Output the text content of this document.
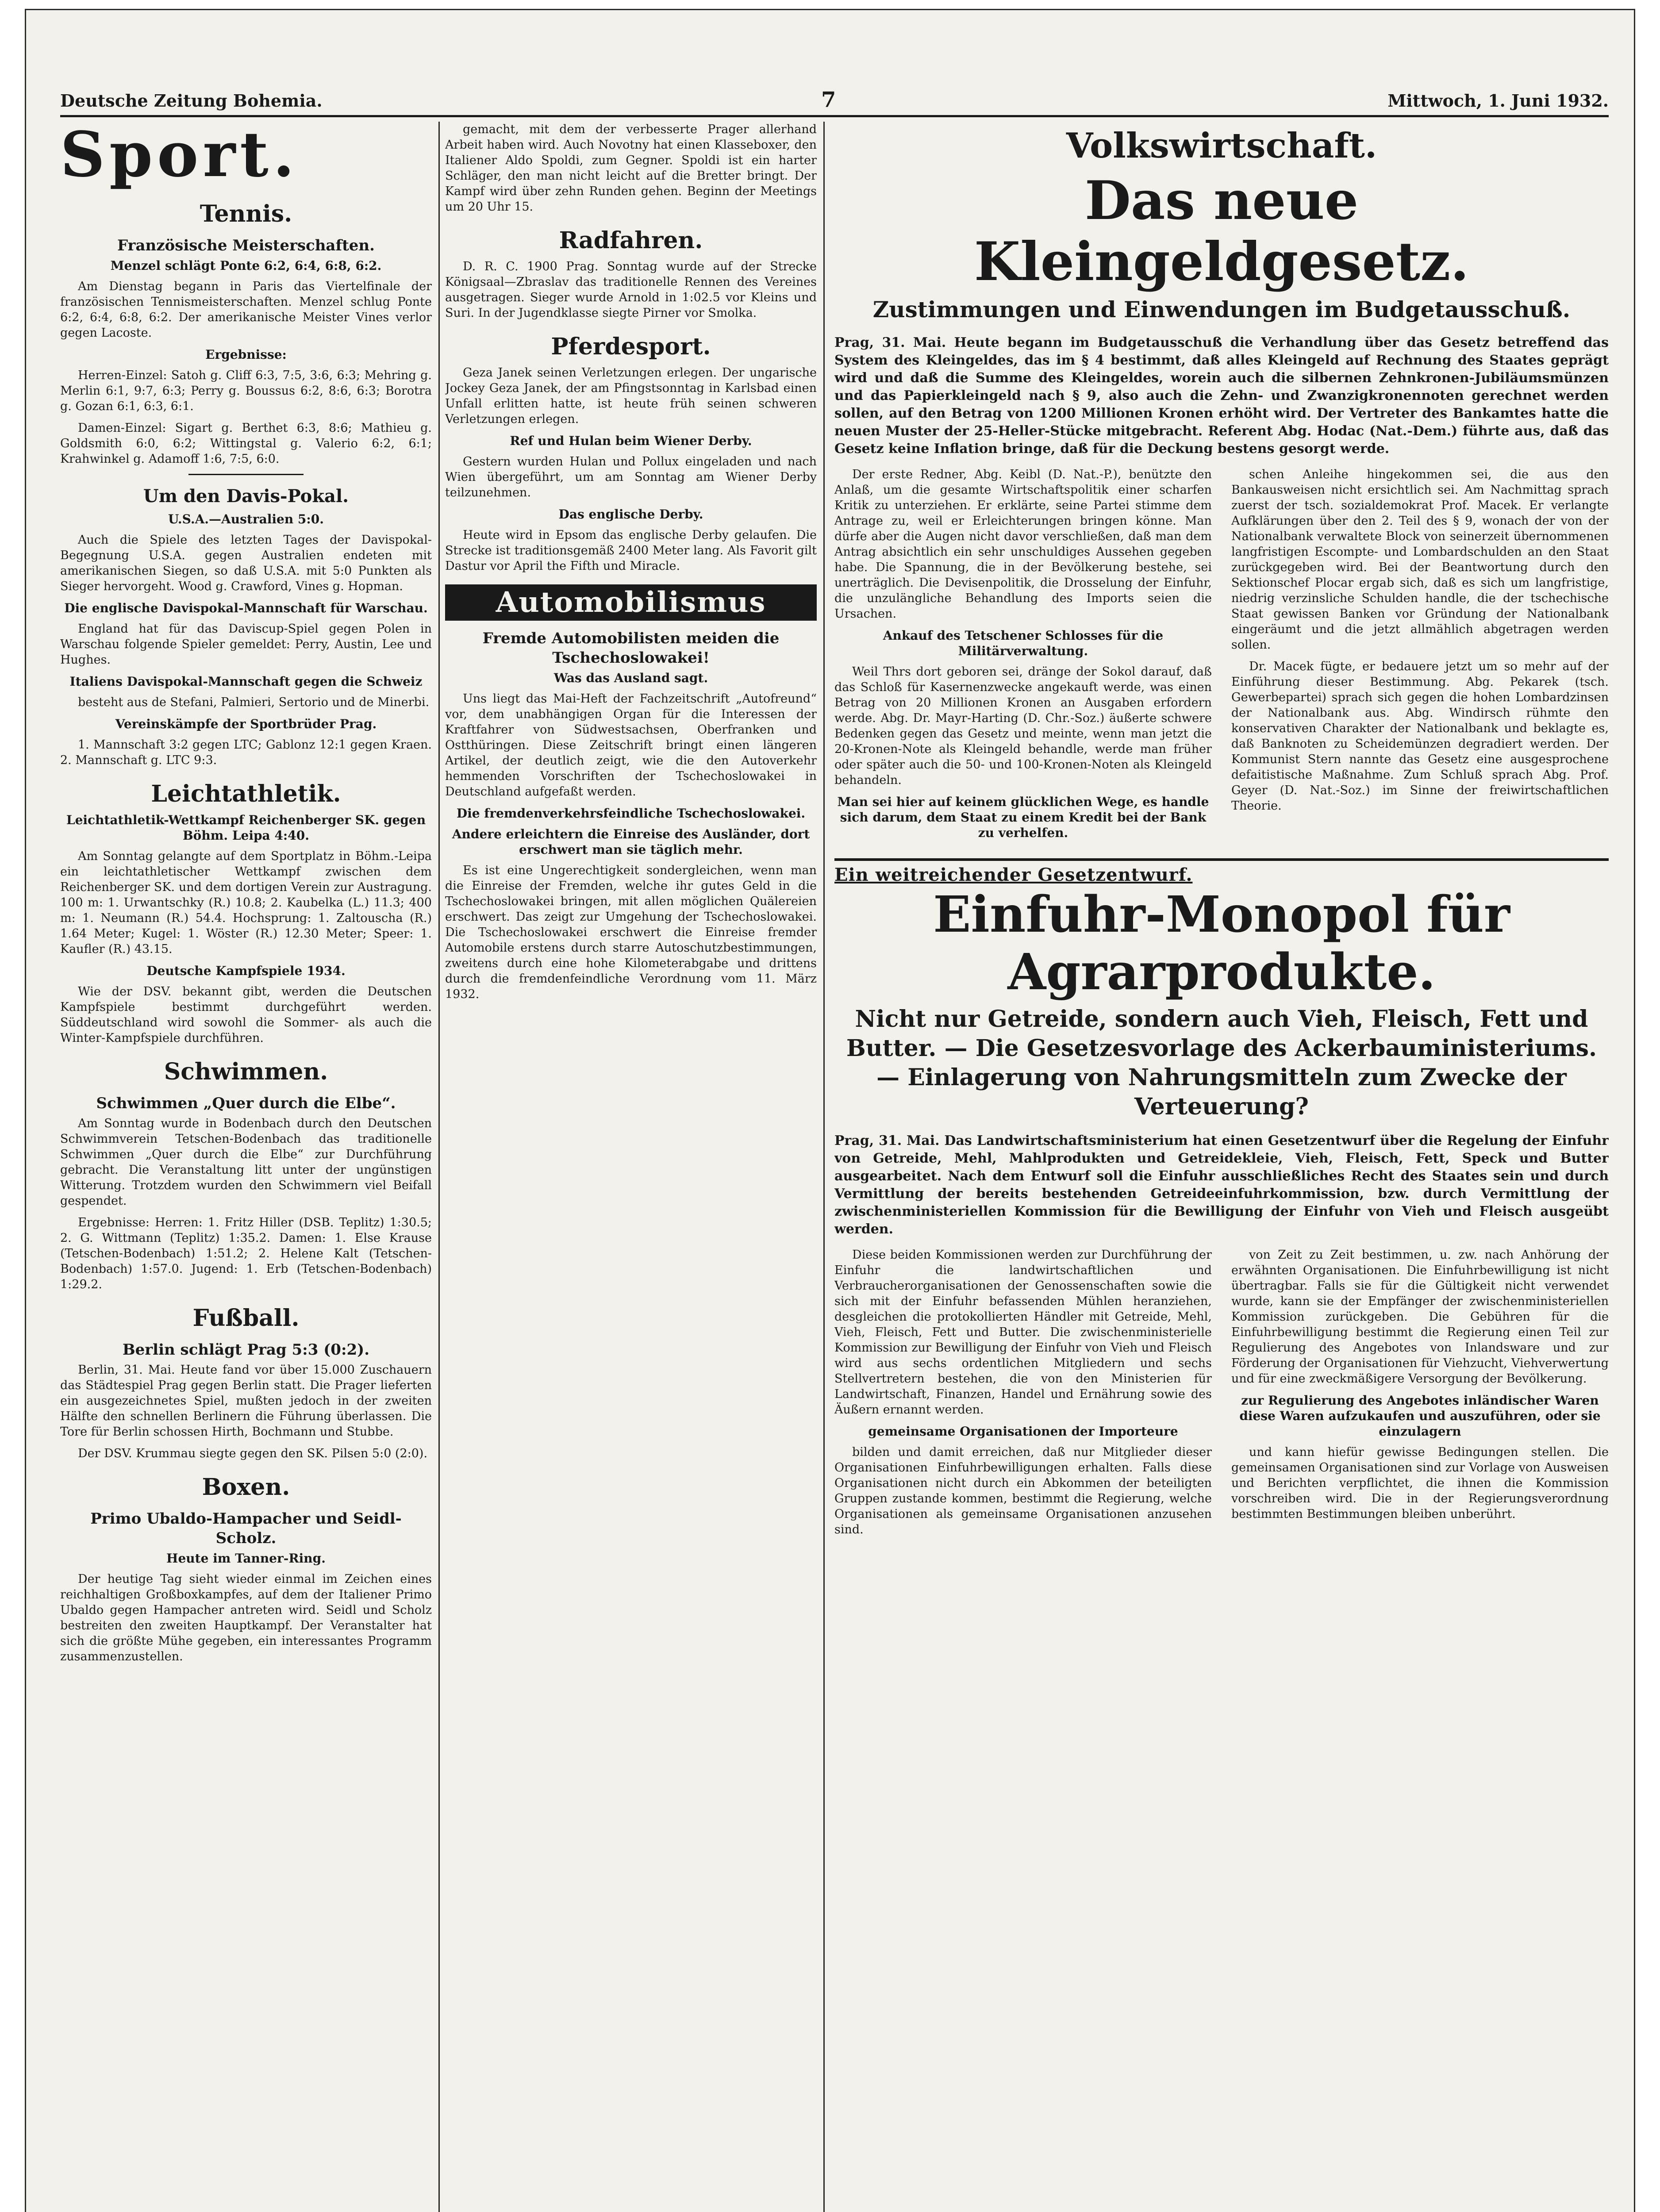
Deutsche Zeitung Bohemia.	7	Mittwoch, 1. Juni 1932.
Sport.
Tennis.
Französische Meisterschaften.
Menzel schlägt Ponte 6:2, 6:4, 6:8, 6:2.

Am Dienstag begann in Paris das Viertelfinale der französischen Tennismeisterschaften. Menzel schlug Ponte 6:2, 6:4, 6:8, 6:2. Der amerikanische Meister Vines verlor gegen Lacoste.

Ergebnisse:

Herren-Einzel: Satoh g. Cliff 6:3, 7:5, 3:6, 6:3; Mehring g. Merlin 6:1, 9:7, 6:3; Perry g. Boussus 6:2, 8:6, 6:3; Borotra g. Gozan 6:1, 6:3, 6:1.

Damen-Einzel: Sigart g. Berthet 6:3, 8:6; Mathieu g. Goldsmith 6:0, 6:2; Wittingstal g. Valerio 6:2, 6:1; Krahwinkel g. Adamoff 1:6, 7:5, 6:0.

Um den Davis-Pokal.
U.S.A.—Australien 5:0.

Auch die Spiele des letzten Tages der Davispokal-Begegnung U.S.A. gegen Australien endeten mit amerikanischen Siegen, so daß U.S.A. mit 5:0 Punkten als Sieger hervorgeht. Wood g. Crawford, Vines g. Hopman.

Die englische Davispokal-Mannschaft für Warschau.

England hat für das Daviscup-Spiel gegen Polen in Warschau folgende Spieler gemeldet: Perry, Austin, Lee und Hughes.

Italiens Davispokal-Mannschaft gegen die Schweiz

besteht aus de Stefani, Palmieri, Sertorio und de Minerbi.

Vereinskämpfe der Sportbrüder Prag.

1. Mannschaft 3:2 gegen LTC; Gablonz 12:1 gegen Kraen. 2. Mannschaft g. LTC 9:3.

Leichtathletik.
Leichtathletik-Wettkampf Reichenberger SK. gegen Böhm. Leipa 4:40.

Am Sonntag gelangte auf dem Sportplatz in Böhm.-Leipa ein leichtathletischer Wettkampf zwischen dem Reichenberger SK. und dem dortigen Verein zur Austragung. 100 m: 1. Urwantschky (R.) 10.8; 2. Kaubelka (L.) 11.3; 400 m: 1. Neumann (R.) 54.4. Hochsprung: 1. Zaltouscha (R.) 1.64 Meter; Kugel: 1. Wöster (R.) 12.30 Meter; Speer: 1. Kaufler (R.) 43.15.

Deutsche Kampfspiele 1934.

Wie der DSV. bekannt gibt, werden die Deutschen Kampfspiele bestimmt durchgeführt werden. Süddeutschland wird sowohl die Sommer- als auch die Winter-Kampfspiele durchführen.

Schwimmen.
Schwimmen „Quer durch die Elbe“.

Am Sonntag wurde in Bodenbach durch den Deutschen Schwimmverein Tetschen-Bodenbach das traditionelle Schwimmen „Quer durch die Elbe“ zur Durchführung gebracht. Die Veranstaltung litt unter der ungünstigen Witterung. Trotzdem wurden den Schwimmern viel Beifall gespendet.

Ergebnisse: Herren: 1. Fritz Hiller (DSB. Teplitz) 1:30.5; 2. G. Wittmann (Teplitz) 1:35.2. Damen: 1. Else Krause (Tetschen-Bodenbach) 1:51.2; 2. Helene Kalt (Tetschen-Bodenbach) 1:57.0. Jugend: 1. Erb (Tetschen-Bodenbach) 1:29.2.

Fußball.
Berlin schlägt Prag 5:3 (0:2).

Berlin, 31. Mai. Heute fand vor über 15.000 Zuschauern das Städtespiel Prag gegen Berlin statt. Die Prager lieferten ein ausgezeichnetes Spiel, mußten jedoch in der zweiten Hälfte den schnellen Berlinern die Führung überlassen. Die Tore für Berlin schossen Hirth, Bochmann und Stubbe.

Der DSV. Krummau siegte gegen den SK. Pilsen 5:0 (2:0).

Boxen.
Primo Ubaldo-Hampacher und Seidl-Scholz.
Heute im Tanner-Ring.

Der heutige Tag sieht wieder einmal im Zeichen eines reichhaltigen Großboxkampfes, auf dem der Italiener Primo Ubaldo gegen Hampacher antreten wird. Seidl und Scholz bestreiten den zweiten Hauptkampf. Der Veranstalter hat sich die größte Mühe gegeben, ein interessantes Programm zusammenzustellen.

gemacht, mit dem der verbesserte Prager allerhand Arbeit haben wird. Auch Novotny hat einen Klasseboxer, den Italiener Aldo Spoldi, zum Gegner. Spoldi ist ein harter Schläger, den man nicht leicht auf die Bretter bringt. Der Kampf wird über zehn Runden gehen. Beginn der Meetings um 20 Uhr 15.

Radfahren.

D. R. C. 1900 Prag. Sonntag wurde auf der Strecke Königsaal—Zbraslav das traditionelle Rennen des Vereines ausgetragen. Sieger wurde Arnold in 1:02.5 vor Kleins und Suri. In der Jugendklasse siegte Pirner vor Smolka.

Pferdesport.

Geza Janek seinen Verletzungen erlegen. Der ungarische Jockey Geza Janek, der am Pfingstsonntag in Karlsbad einen Unfall erlitten hatte, ist heute früh seinen schweren Verletzungen erlegen.

Ref und Hulan beim Wiener Derby.

Gestern wurden Hulan und Pollux eingeladen und nach Wien übergeführt, um am Sonntag am Wiener Derby teilzunehmen.

Das englische Derby.

Heute wird in Epsom das englische Derby gelaufen. Die Strecke ist traditionsgemäß 2400 Meter lang. Als Favorit gilt Dastur vor April the Fifth und Miracle.

Automobilismus
Fremde Automobilisten meiden die Tschechoslowakei!
Was das Ausland sagt.

Uns liegt das Mai-Heft der Fachzeitschrift „Autofreund“ vor, dem unabhängigen Organ für die Interessen der Kraftfahrer von Südwestsachsen, Oberfranken und Ostthüringen. Diese Zeitschrift bringt einen längeren Artikel, der deutlich zeigt, wie die den Autoverkehr hemmenden Vorschriften der Tschechoslowakei in Deutschland aufgefaßt werden.

Die fremdenverkehrsfeindliche Tschechoslowakei.
Andere erleichtern die Einreise des Ausländer, dort erschwert man sie täglich mehr.

Es ist eine Ungerechtigkeit sondergleichen, wenn man die Einreise der Fremden, welche ihr gutes Geld in die Tschechoslowakei bringen, mit allen möglichen Quälereien erschwert. Das zeigt zur Umgehung der Tschechoslowakei. Die Tschechoslowakei erschwert die Einreise fremder Automobile erstens durch starre Autoschutzbestimmungen, zweitens durch eine hohe Kilometerabgabe und drittens durch die fremdenfeindliche Verordnung vom 11. März 1932.

Volkswirtschaft.
Das neue Kleingeldgesetz.
Zustimmungen und Einwendungen im Budgetausschuß.
Prag, 31. Mai. Heute begann im Budgetausschuß die Verhandlung über das Gesetz betreffend das System des Kleingeldes, das im § 4 bestimmt, daß alles Kleingeld auf Rechnung des Staates geprägt wird und daß die Summe des Kleingeldes, worein auch die silbernen Zehnkronen-Jubiläumsmünzen und das Papierkleingeld nach § 9, also auch die Zehn- und Zwanzigkronennoten gerechnet werden sollen, auf den Betrag von 1200 Millionen Kronen erhöht wird. Der Vertreter des Bankamtes hatte die neuen Muster der 25-Heller-Stücke mitgebracht. Referent Abg. Hodac (Nat.-Dem.) führte aus, daß das Gesetz keine Inflation bringe, daß für die Deckung bestens gesorgt werde.

Der erste Redner, Abg. Keibl (D. Nat.-P.), benützte den Anlaß, um die gesamte Wirtschaftspolitik einer scharfen Kritik zu unterziehen. Er erklärte, seine Partei stimme dem Antrage zu, weil er Erleichterungen bringen könne. Man dürfe aber die Augen nicht davor verschließen, daß man dem Antrag absichtlich ein sehr unschuldiges Aussehen gegeben habe. Die Spannung, die in der Bevölkerung bestehe, sei unerträglich. Die Devisenpolitik, die Drosselung der Einfuhr, die unzulängliche Behandlung des Imports seien die Ursachen.

Ankauf des Tetschener Schlosses für die Militärverwaltung.

Weil Thrs dort geboren sei, dränge der Sokol darauf, daß das Schloß für Kasernenzwecke angekauft werde, was einen Betrag von 20 Millionen Kronen an Ausgaben erfordern werde. Abg. Dr. Mayr-Harting (D. Chr.-Soz.) äußerte schwere Bedenken gegen das Gesetz und meinte, wenn man jetzt die 20-Kronen-Note als Kleingeld behandle, werde man früher oder später auch die 50- und 100-Kronen-Noten als Kleingeld behandeln.

Man sei hier auf keinem glücklichen Wege, es handle sich darum, dem Staat zu einem Kredit bei der Bank zu verhelfen.

schen Anleihe hingekommen sei, die aus den Bankausweisen nicht ersichtlich sei. Am Nachmittag sprach zuerst der tsch. sozialdemokrat Prof. Macek. Er verlangte Aufklärungen über den 2. Teil des § 9, wonach der von der Nationalbank verwaltete Block von seinerzeit übernommenen langfristigen Escompte- und Lombardschulden an den Staat zurückgegeben wird. Bei der Beantwortung durch den Sektionschef Plocar ergab sich, daß es sich um langfristige, niedrig verzinsliche Schulden handle, die der tschechische Staat gewissen Banken vor Gründung der Nationalbank eingeräumt und die jetzt allmählich abgetragen werden sollen.

Dr. Macek fügte, er bedauere jetzt um so mehr auf der Einführung dieser Bestimmung. Abg. Pekarek (tsch. Gewerbepartei) sprach sich gegen die hohen Lombardzinsen der Nationalbank aus. Abg. Windirsch rühmte den konservativen Charakter der Nationalbank und beklagte es, daß Banknoten zu Scheidemünzen degradiert werden. Der Kommunist Stern nannte das Gesetz eine ausgesprochene defaitistische Maßnahme. Zum Schluß sprach Abg. Prof. Geyer (D. Nat.-Soz.) im Sinne der freiwirtschaftlichen Theorie.

Ein weitreichender Gesetzentwurf.
Einfuhr-Monopol für Agrarprodukte.
Nicht nur Getreide, sondern auch Vieh, Fleisch, Fett und Butter. — Die Gesetzesvorlage des Ackerbauministeriums. — Einlagerung von Nahrungsmitteln zum Zwecke der Verteuerung?
Prag, 31. Mai. Das Landwirtschaftsministerium hat einen Gesetzentwurf über die Regelung der Einfuhr von Getreide, Mehl, Mahlprodukten und Getreidekleie, Vieh, Fleisch, Fett, Speck und Butter ausgearbeitet. Nach dem Entwurf soll die Einfuhr ausschließliches Recht des Staates sein und durch Vermittlung der bereits bestehenden Getreideeinfuhrkommission, bzw. durch Vermittlung der zwischenministeriellen Kommission für die Bewilligung der Einfuhr von Vieh und Fleisch ausgeübt werden.

Diese beiden Kommissionen werden zur Durchführung der Einfuhr die landwirtschaftlichen und Verbraucherorganisationen der Genossenschaften sowie die sich mit der Einfuhr befassenden Mühlen heranziehen, desgleichen die protokollierten Händler mit Getreide, Mehl, Vieh, Fleisch, Fett und Butter. Die zwischenministerielle Kommission zur Bewilligung der Einfuhr von Vieh und Fleisch wird aus sechs ordentlichen Mitgliedern und sechs Stellvertretern bestehen, die von den Ministerien für Landwirtschaft, Finanzen, Handel und Ernährung sowie des Äußern ernannt werden.

gemeinsame Organisationen der Importeure

bilden und damit erreichen, daß nur Mitglieder dieser Organisationen Einfuhrbewilligungen erhalten. Falls diese Organisationen nicht durch ein Abkommen der beteiligten Gruppen zustande kommen, bestimmt die Regierung, welche Organisationen als gemeinsame Organisationen anzusehen sind.

von Zeit zu Zeit bestimmen, u. zw. nach Anhörung der erwähnten Organisationen. Die Einfuhrbewilligung ist nicht übertragbar. Falls sie für die Gültigkeit nicht verwendet wurde, kann sie der Empfänger der zwischenministeriellen Kommission zurückgeben. Die Gebühren für die Einfuhrbewilligung bestimmt die Regierung einen Teil zur Regulierung des Angebotes von Inlandsware und zur Förderung der Organisationen für Viehzucht, Viehverwertung und für eine zweckmäßigere Versorgung der Bevölkerung.

zur Regulierung des Angebotes inländischer Waren diese Waren aufzukaufen und auszuführen, oder sie einzulagern

und kann hiefür gewisse Bedingungen stellen. Die gemeinsamen Organisationen sind zur Vorlage von Ausweisen und Berichten verpflichtet, die ihnen die Kommission vorschreiben wird. Die in der Regierungsverordnung bestimmten Bestimmungen bleiben unberührt.
